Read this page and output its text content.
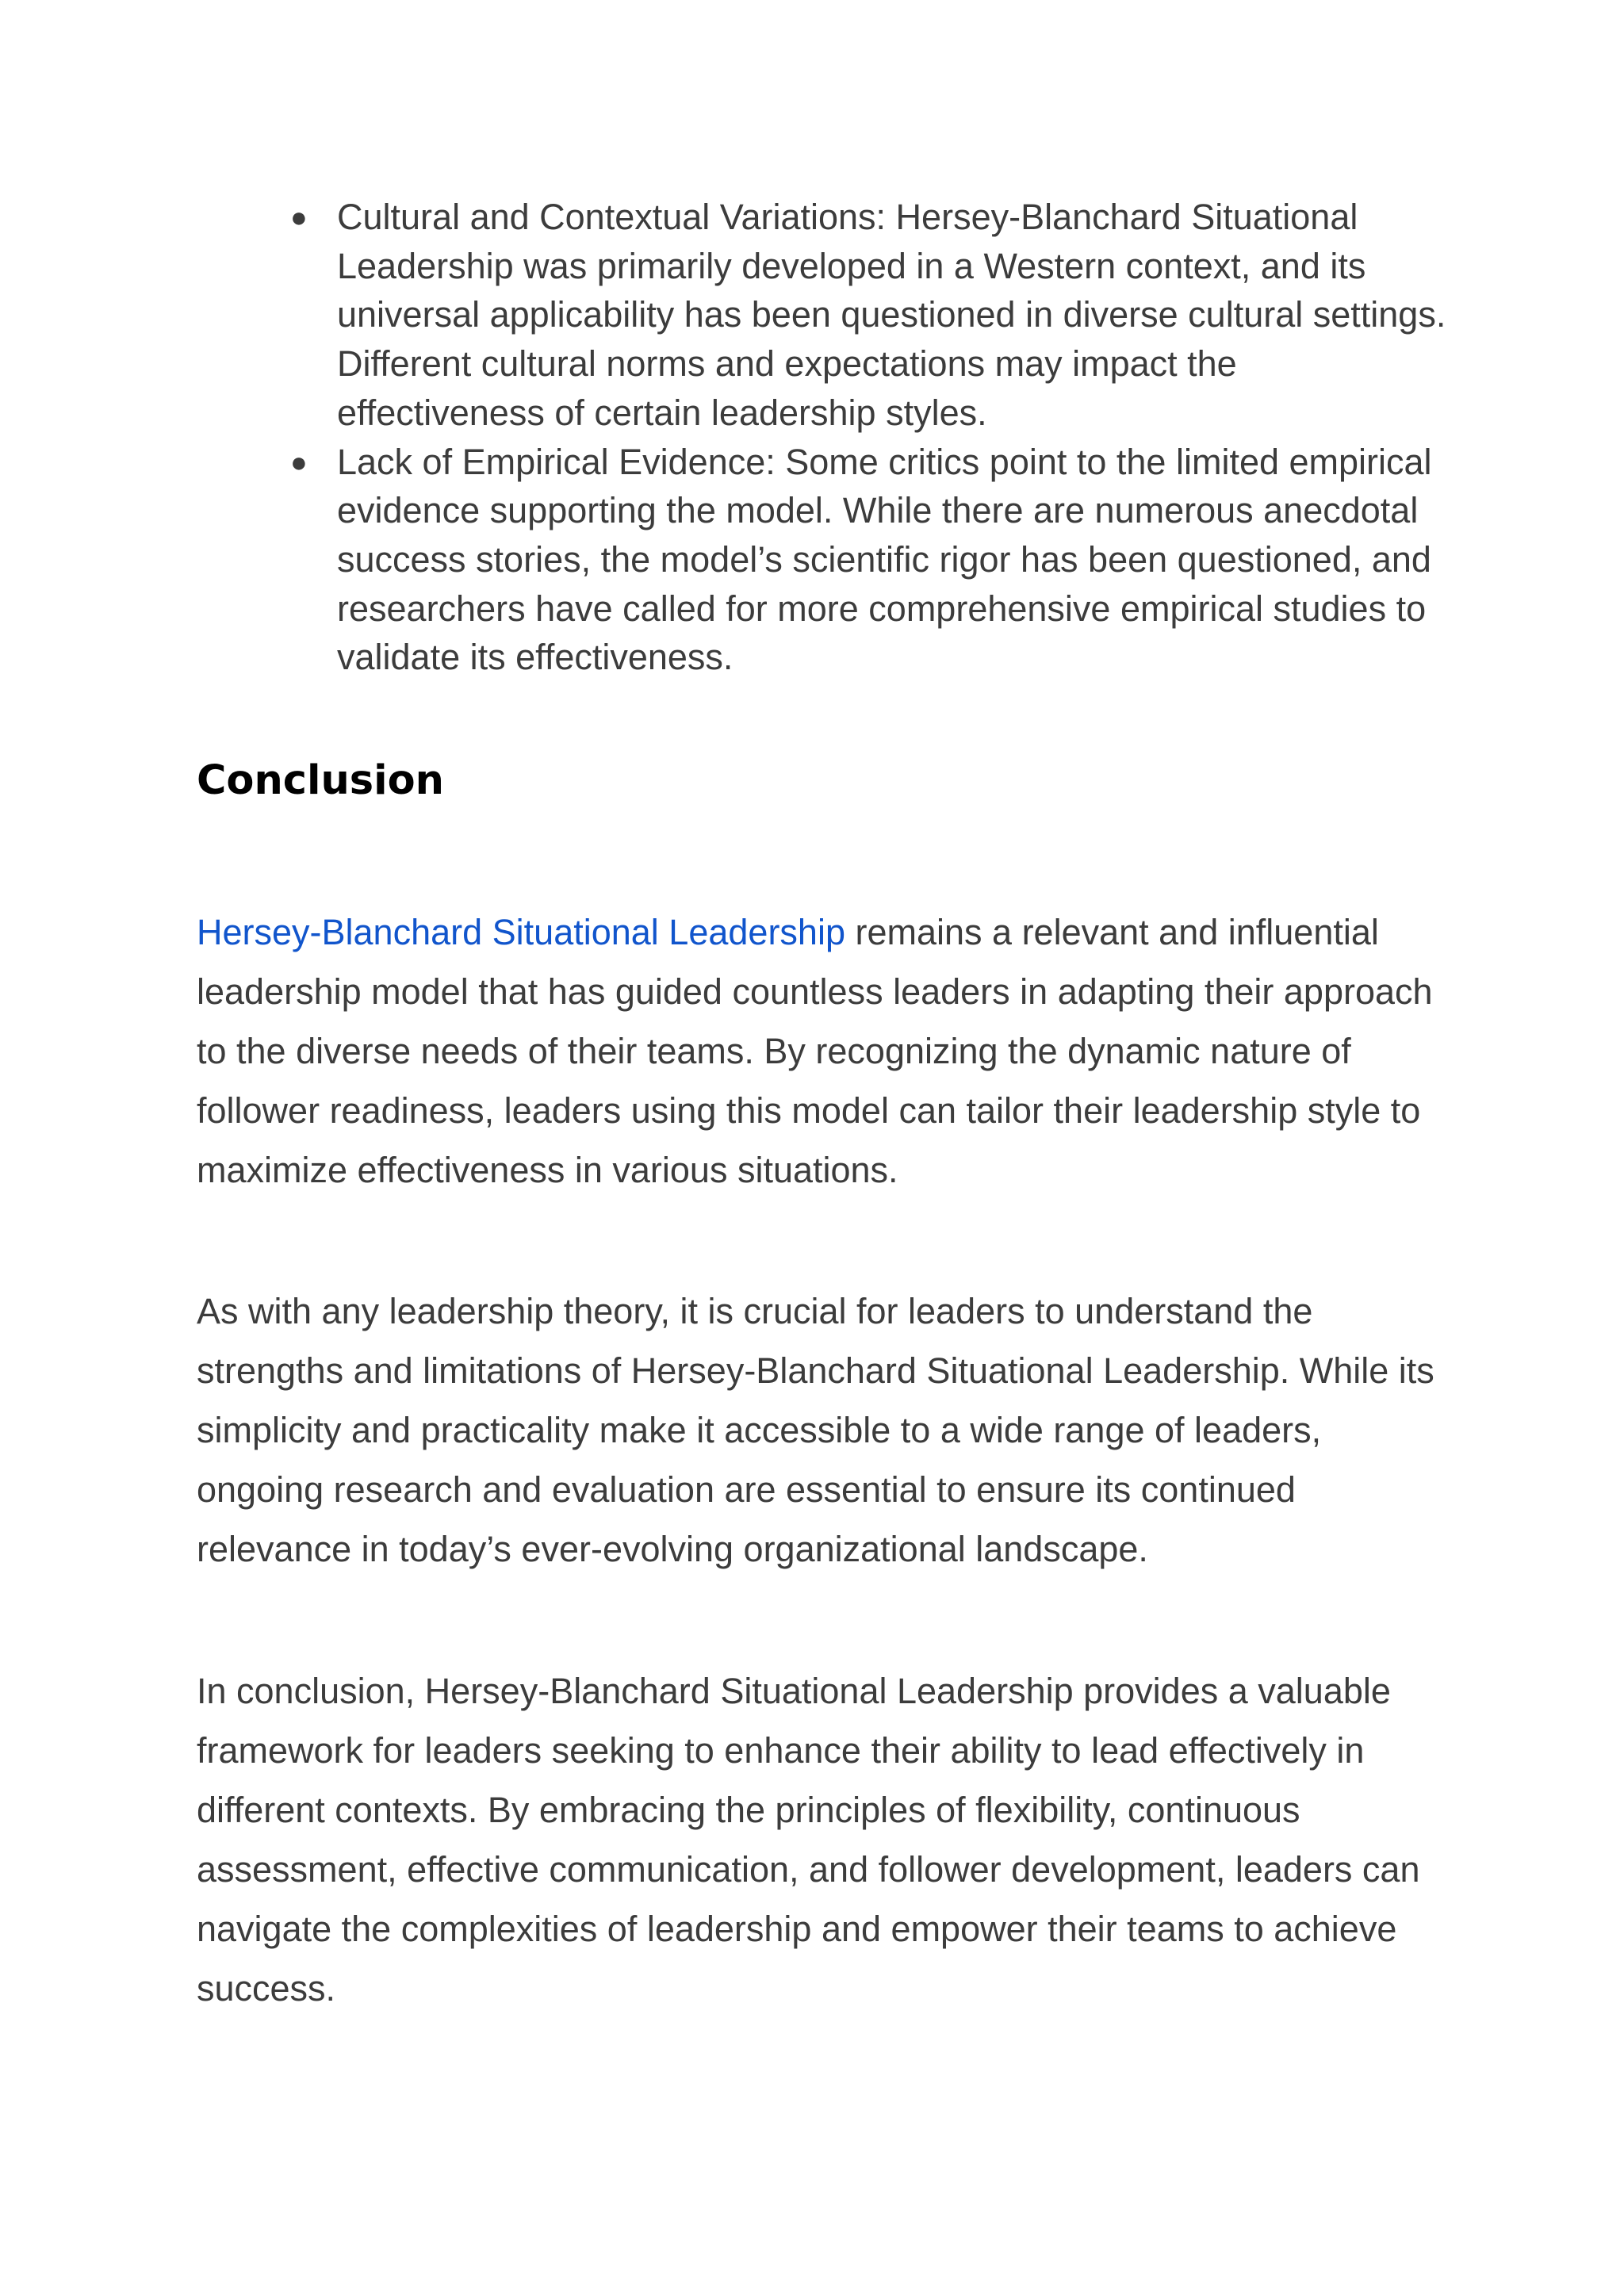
● Cultural and Contextual Variations: Hersey-Blanchard Situational Leadership was primarily developed in a Western context, and its universal applicability has been questioned in diverse cultural settings. Different cultural norms and expectations may impact the effectiveness of certain leadership styles.
● Lack of Empirical Evidence: Some critics point to the limited empirical evidence supporting the model. While there are numerous anecdotal success stories, the model’s scientific rigor has been questioned, and researchers have called for more comprehensive empirical studies to validate its effectiveness.
Conclusion

Hersey-Blanchard Situational Leadership remains a relevant and influential leadership model that has guided countless leaders in adapting their approach to the diverse needs of their teams. By recognizing the dynamic nature of follower readiness, leaders using this model can tailor their leadership style to maximize effectiveness in various situations.

As with any leadership theory, it is crucial for leaders to understand the strengths and limitations of Hersey-Blanchard Situational Leadership. While its simplicity and practicality make it accessible to a wide range of leaders, ongoing research and evaluation are essential to ensure its continued relevance in today’s ever-evolving organizational landscape.

In conclusion, Hersey-Blanchard Situational Leadership provides a valuable framework for leaders seeking to enhance their ability to lead effectively in different contexts. By embracing the principles of flexibility, continuous assessment, effective communication, and follower development, leaders can navigate the complexities of leadership and empower their teams to achieve success.
